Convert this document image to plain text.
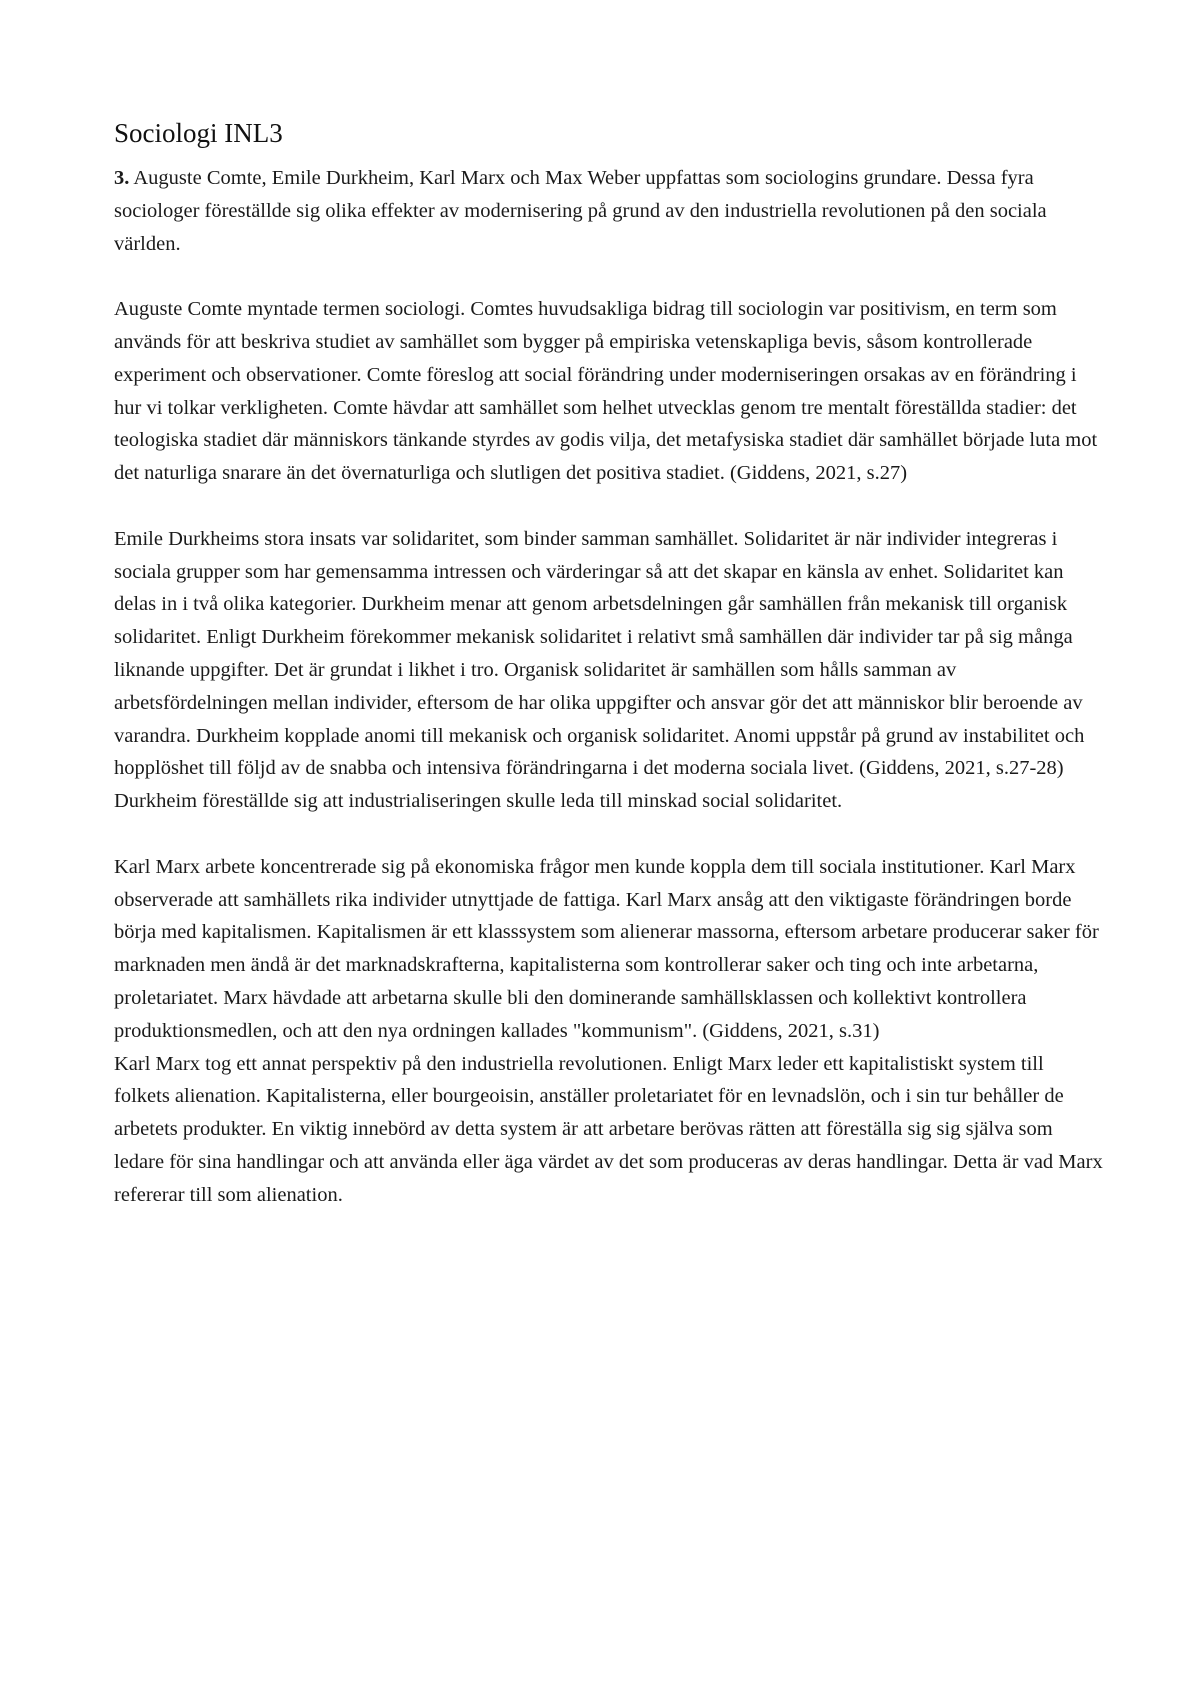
Sociologi INL3

3. Auguste Comte, Emile Durkheim, Karl Marx och Max Weber uppfattas som sociologins grundare. Dessa fyra sociologer föreställde sig olika effekter av modernisering på grund av den industriella revolutionen på den sociala världen.

Auguste Comte myntade termen sociologi. Comtes huvudsakliga bidrag till sociologin var positivism, en term som används för att beskriva studiet av samhället som bygger på empiriska vetenskapliga bevis, såsom kontrollerade experiment och observationer. Comte föreslog att social förändring under moderniseringen orsakas av en förändring i hur vi tolkar verkligheten. Comte hävdar att samhället som helhet utvecklas genom tre mentalt föreställda stadier: det teologiska stadiet där människors tänkande styrdes av godis vilja, det metafysiska stadiet där samhället började luta mot det naturliga snarare än det övernaturliga och slutligen det positiva stadiet. (Giddens, 2021, s.27)

Emile Durkheims stora insats var solidaritet, som binder samman samhället. Solidaritet är när individer integreras i sociala grupper som har gemensamma intressen och värderingar så att det skapar en känsla av enhet. Solidaritet kan delas in i två olika kategorier. Durkheim menar att genom arbetsdelningen går samhällen från mekanisk till organisk solidaritet. Enligt Durkheim förekommer mekanisk solidaritet i relativt små samhällen där individer tar på sig många liknande uppgifter. Det är grundat i likhet i tro. Organisk solidaritet är samhällen som hålls samman av arbetsfördelningen mellan individer, eftersom de har olika uppgifter och ansvar gör det att människor blir beroende av varandra. Durkheim kopplade anomi till mekanisk och organisk solidaritet. Anomi uppstår på grund av instabilitet och hopplöshet till följd av de snabba och intensiva förändringarna i det moderna sociala livet. (Giddens, 2021, s.27-28)

Durkheim föreställde sig att industrialiseringen skulle leda till minskad social solidaritet.

Karl Marx arbete koncentrerade sig på ekonomiska frågor men kunde koppla dem till sociala institutioner. Karl Marx observerade att samhällets rika individer utnyttjade de fattiga. Karl Marx ansåg att den viktigaste förändringen borde börja med kapitalismen. Kapitalismen är ett klasssystem som alienerar massorna, eftersom arbetare producerar saker för marknaden men ändå är det marknadskrafterna, kapitalisterna som kontrollerar saker och ting och inte arbetarna, proletariatet. Marx hävdade att arbetarna skulle bli den dominerande samhällsklassen och kollektivt kontrollera produktionsmedlen, och att den nya ordningen kallades "kommunism". (Giddens, 2021, s.31)

Karl Marx tog ett annat perspektiv på den industriella revolutionen. Enligt Marx leder ett kapitalistiskt system till folkets alienation. Kapitalisterna, eller bourgeoisin, anställer proletariatet för en levnadslön, och i sin tur behåller de arbetets produkter. En viktig innebörd av detta system är att arbetare berövas rätten att föreställa sig sig själva som ledare för sina handlingar och att använda eller äga värdet av det som produceras av deras handlingar. Detta är vad Marx refererar till som alienation.
